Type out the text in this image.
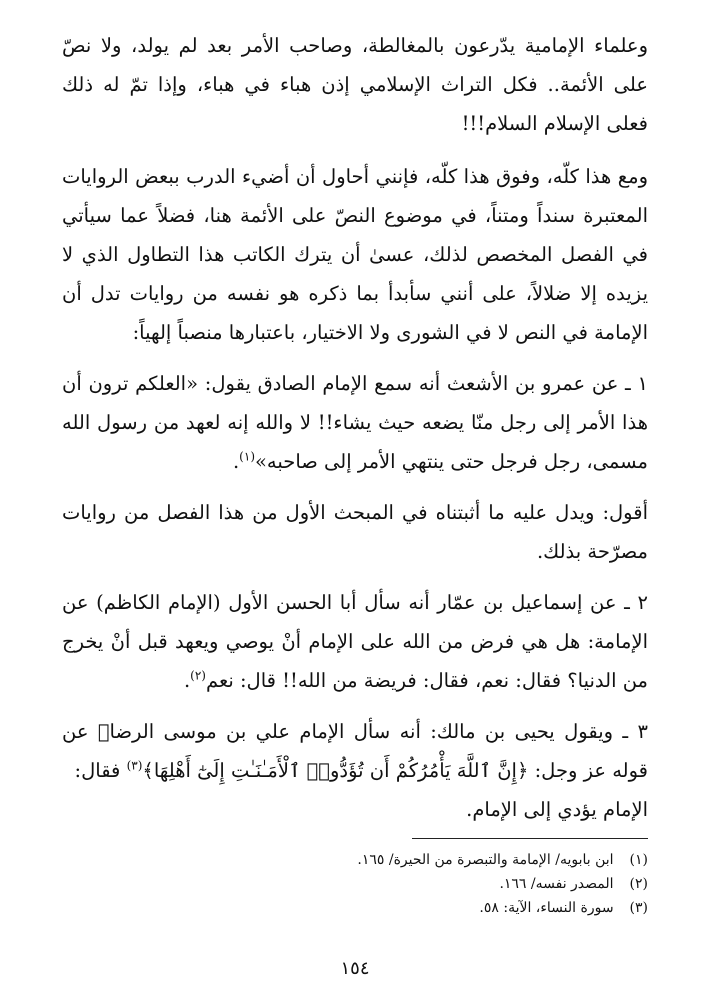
وعلماء الإمامية يدّرعون بالمغالطة، وصاحب الأمر بعد لم يولد، ولا نصّ على الأئمة.. فكل التراث الإسلامي إذن هباء في هباء، وإذا تمّ له ذلك فعلى الإسلام السلام!!!

ومع هذا كلّه، وفوق هذا كلّه، فإنني أحاول أن أضيء الدرب ببعض الروايات المعتبرة سنداً ومتناً، في موضوع النصّ على الأئمة هنا، فضلاً عما سيأتي في الفصل المخصص لذلك، عسىٰ أن يترك الكاتب هذا التطاول الذي لا يزيده إلا ضلالاً، على أنني سأبدأ بما ذكره هو نفسه من روايات تدل أن الإمامة في النص لا في الشورى ولا الاختيار، باعتبارها منصباً إلهياً:

١ ـ عن عمرو بن الأشعث أنه سمع الإمام الصادق يقول: «العلكم ترون أن هذا الأمر إلى رجل منّا يضعه حيث يشاء!! لا والله إنه لعهد من رسول الله مسمى، رجل فرجل حتى ينتهي الأمر إلى صاحبه»$^{(١)}$.

أقول: ويدل عليه ما أثبتناه في المبحث الأول من هذا الفصل من روايات مصرّحة بذلك.

٢ ـ عن إسماعيل بن عمّار أنه سأل أبا الحسن الأول (الإمام الكاظم) عن الإمامة: هل هي فرض من الله على الإمام أنْ يوصي ويعهد قبل أنْ يخرج من الدنيا؟ فقال: نعم، فقال: فريضة من الله!! قال: نعم$^{(٢)}$.

٣ ـ ويقول يحيى بن مالك: أنه سأل الإمام علي بن موسى الرضاﷺ عن قوله عز وجل: ﴿إِنَّ ٱللَّهَ يَأْمُرُكُمْ أَن تُؤَدُّوا۟ ٱلْأَمَـٰنَـٰتِ إِلَىٰٓ أَهْلِهَا﴾$^{(٣)}$ فقال:

الإمام يؤدي إلى الإمام.

(١) ابن بابويه/ الإمامة والتبصرة من الحيرة/ ١٦٥.

(٢) المصدر نفسه/ ١٦٦.

(٣) سورة النساء، الآية: ٥٨.

١٥٤
